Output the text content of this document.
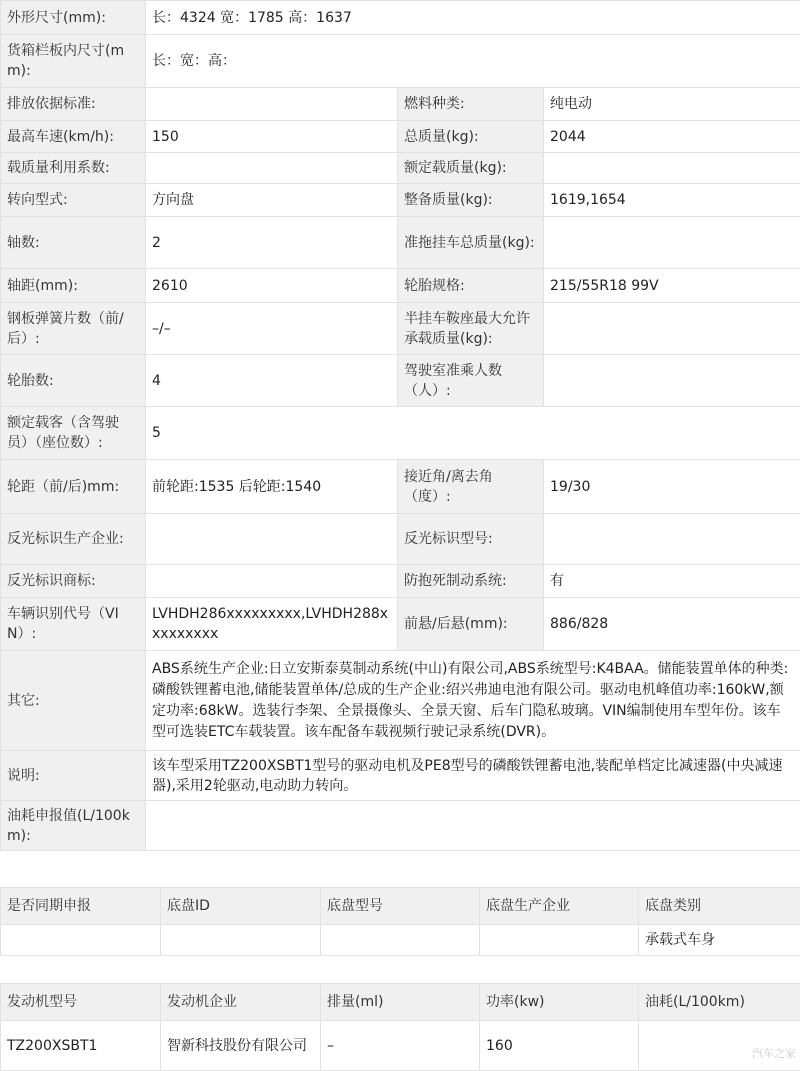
外形尺寸(mm):	长：4324 宽：1785 高：1637		
货箱栏板内尺寸(mm):	长：宽：高：		
排放依据标准:		燃料种类:	纯电动
最高车速(km/h):	150	总质量(kg):	2044
载质量利用系数:		额定载质量(kg):	
转向型式:	方向盘	整备质量(kg):	1619,1654
轴数:	2	准拖挂车总质量(kg):	
轴距(mm):	2610	轮胎规格:	215/55R18 99V
钢板弹簧片数（前/后）:	–/–	半挂车鞍座最大允许承载质量(kg):	
轮胎数:	4	驾驶室准乘人数（人）:	
额定载客（含驾驶员）（座位数）:	5		
轮距（前/后)mm:	前轮距:1535 后轮距:1540	接近角/离去角（度）:	19/30
反光标识生产企业:		反光标识型号:	
反光标识商标:		防抱死制动系统:	有
车辆识别代号（VIN）:	LVHDH286xxxxxxxxx,LVHDH288xxxxxxxxx	前悬/后悬(mm):	886/828
其它:	ABS系统生产企业:日立安斯泰莫制动系统(中山)有限公司,ABS系统型号:K4BAA。储能装置单体的种类:磷酸铁锂蓄电池,储能装置单体/总成的生产企业:绍兴弗迪电池有限公司。驱动电机峰值功率:160kW,额定功率:68kW。选装行李架、全景摄像头、全景天窗、后车门隐私玻璃。VIN编制使用车型年份。该车型可选装ETC车载装置。该车配备车载视频行驶记录系统(DVR)。		
说明:	该车型采用TZ200XSBT1型号的驱动电机及PE8型号的磷酸铁锂蓄电池,装配单档定比减速器(中央减速器),采用2轮驱动,电动助力转向。		
油耗申报值(L/100km):			
是否同期申报	底盘ID	底盘型号	底盘生产企业	底盘类别
				承载式车身
发动机型号	发动机企业	排量(ml)	功率(kw)	油耗(L/100km)
TZ200XSBT1	智新科技股份有限公司	–	160		汽车之家
